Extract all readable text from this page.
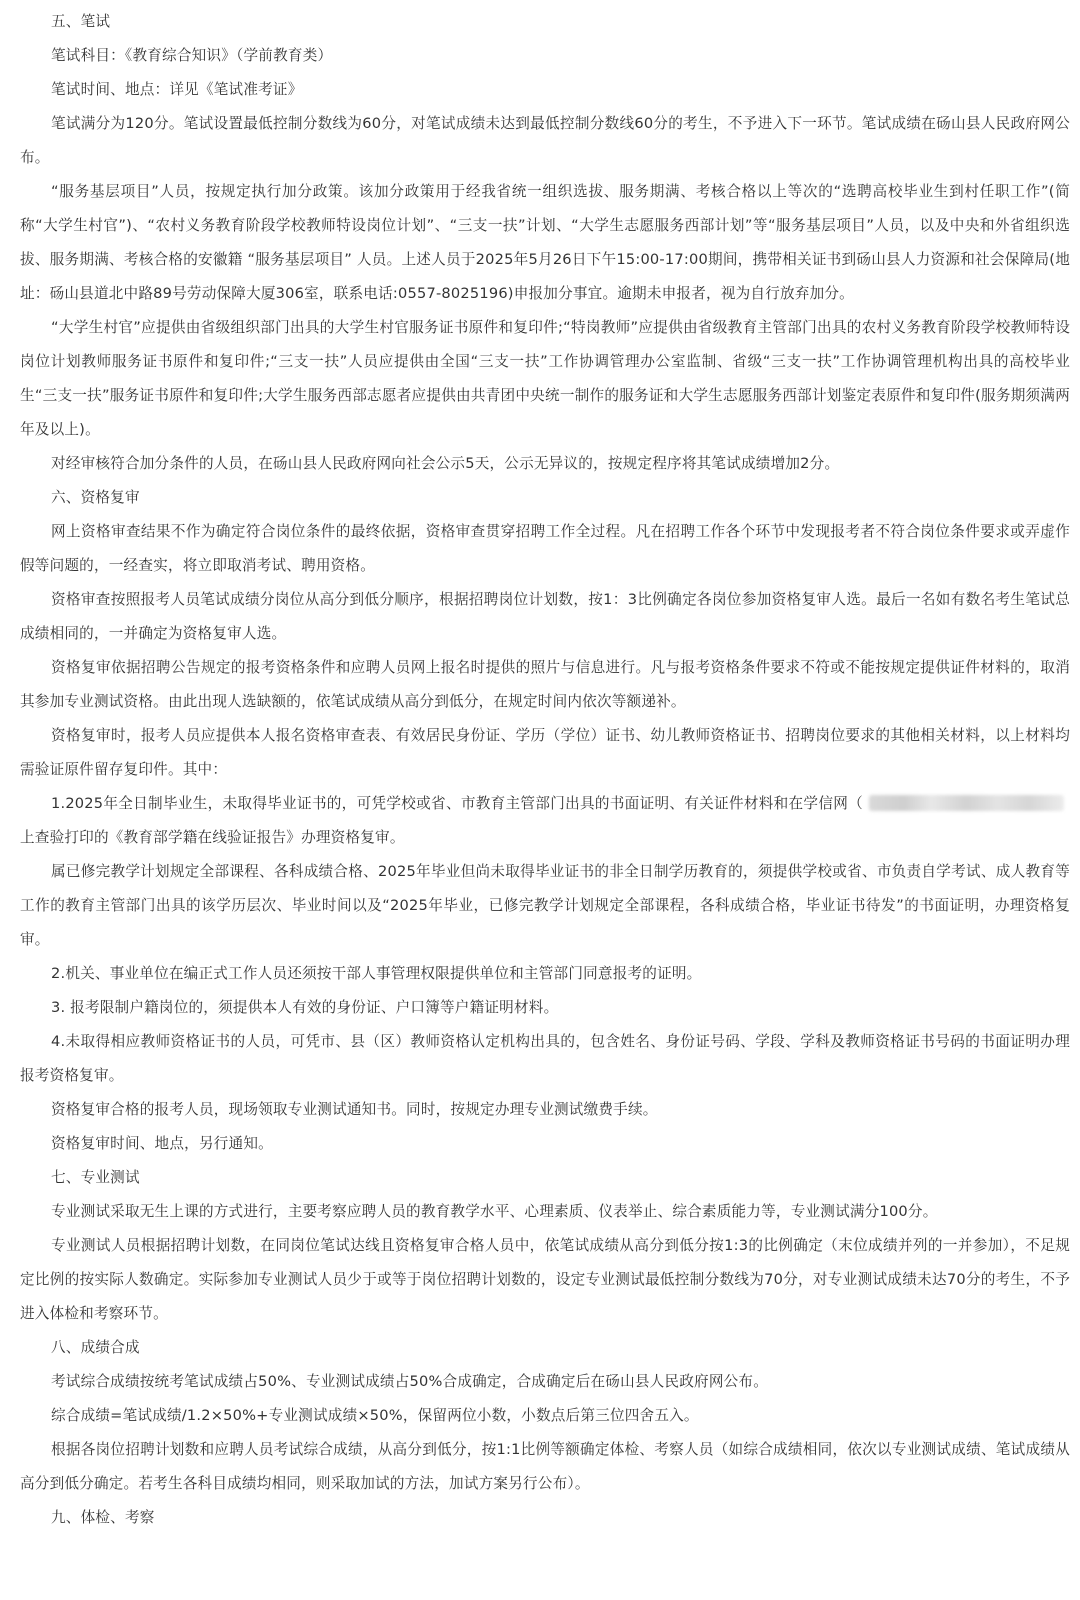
五、笔试

笔试科目：《教育综合知识》（学前教育类）

笔试时间、地点：详见《笔试准考证》

笔试满分为120分。笔试设置最低控制分数线为60分，对笔试成绩未达到最低控制分数线60分的考生，不予进入下一环节。笔试成绩在砀山县人民政府网公布。

“服务基层项目”人员，按规定执行加分政策。该加分政策用于经我省统一组织选拔、服务期满、考核合格以上等次的“选聘高校毕业生到村任职工作”(简称“大学生村官”)、“农村义务教育阶段学校教师特设岗位计划”、“三支一扶”计划、“大学生志愿服务西部计划”等“服务基层项目”人员，以及中央和外省组织选拔、服务期满、考核合格的安徽籍 “服务基层项目” 人员。上述人员于2025年5月26日下午15:00-17:00期间，携带相关证书到砀山县人力资源和社会保障局(地址：砀山县道北中路89号劳动保障大厦306室，联系电话:0557-8025196)申报加分事宜。逾期未申报者，视为自行放弃加分。

“大学生村官”应提供由省级组织部门出具的大学生村官服务证书原件和复印件;“特岗教师”应提供由省级教育主管部门出具的农村义务教育阶段学校教师特设岗位计划教师服务证书原件和复印件;“三支一扶”人员应提供由全国“三支一扶”工作协调管理办公室监制、省级“三支一扶”工作协调管理机构出具的高校毕业生“三支一扶”服务证书原件和复印件;大学生服务西部志愿者应提供由共青团中央统一制作的服务证和大学生志愿服务西部计划鉴定表原件和复印件(服务期须满两年及以上)。

对经审核符合加分条件的人员，在砀山县人民政府网向社会公示5天，公示无异议的，按规定程序将其笔试成绩增加2分。

六、资格复审

网上资格审查结果不作为确定符合岗位条件的最终依据，资格审查贯穿招聘工作全过程。凡在招聘工作各个环节中发现报考者不符合岗位条件要求或弄虚作假等问题的，一经查实，将立即取消考试、聘用资格。

资格审查按照报考人员笔试成绩分岗位从高分到低分顺序，根据招聘岗位计划数，按1：3比例确定各岗位参加资格复审人选。最后一名如有数名考生笔试总成绩相同的，一并确定为资格复审人选。

资格复审依据招聘公告规定的报考资格条件和应聘人员网上报名时提供的照片与信息进行。凡与报考资格条件要求不符或不能按规定提供证件材料的，取消其参加专业测试资格。由此出现人选缺额的，依笔试成绩从高分到低分，在规定时间内依次等额递补。

资格复审时，报考人员应提供本人报名资格审查表、有效居民身份证、学历（学位）证书、幼儿教师资格证书、招聘岗位要求的其他相关材料，以上材料均需验证原件留存复印件。其中：

1.2025年全日制毕业生，未取得毕业证书的，可凭学校或省、市教育主管部门出具的书面证明、有关证件材料和在学信网（上查验打印的《教育部学籍在线验证报告》办理资格复审。

属已修完教学计划规定全部课程、各科成绩合格、2025年毕业但尚未取得毕业证书的非全日制学历教育的，须提供学校或省、市负责自学考试、成人教育等工作的教育主管部门出具的该学历层次、毕业时间以及“2025年毕业，已修完教学计划规定全部课程，各科成绩合格，毕业证书待发”的书面证明，办理资格复审。

2.机关、事业单位在编正式工作人员还须按干部人事管理权限提供单位和主管部门同意报考的证明。

3. 报考限制户籍岗位的，须提供本人有效的身份证、户口簿等户籍证明材料。

4.未取得相应教师资格证书的人员，可凭市、县（区）教师资格认定机构出具的，包含姓名、身份证号码、学段、学科及教师资格证书号码的书面证明办理报考资格复审。

资格复审合格的报考人员，现场领取专业测试通知书。同时，按规定办理专业测试缴费手续。

资格复审时间、地点，另行通知。

七、专业测试

专业测试采取无生上课的方式进行，主要考察应聘人员的教育教学水平、心理素质、仪表举止、综合素质能力等，专业测试满分100分。

专业测试人员根据招聘计划数，在同岗位笔试达线且资格复审合格人员中，依笔试成绩从高分到低分按1:3的比例确定（末位成绩并列的一并参加），不足规定比例的按实际人数确定。实际参加专业测试人员少于或等于岗位招聘计划数的，设定专业测试最低控制分数线为70分，对专业测试成绩未达70分的考生，不予进入体检和考察环节。

八、成绩合成

考试综合成绩按统考笔试成绩占50%、专业测试成绩占50%合成确定，合成确定后在砀山县人民政府网公布。

综合成绩=笔试成绩/1.2×50%+专业测试成绩×50%，保留两位小数，小数点后第三位四舍五入。

根据各岗位招聘计划数和应聘人员考试综合成绩，从高分到低分，按1:1比例等额确定体检、考察人员（如综合成绩相同，依次以专业测试成绩、笔试成绩从高分到低分确定。若考生各科目成绩均相同，则采取加试的方法，加试方案另行公布）。

九、体检、考察
